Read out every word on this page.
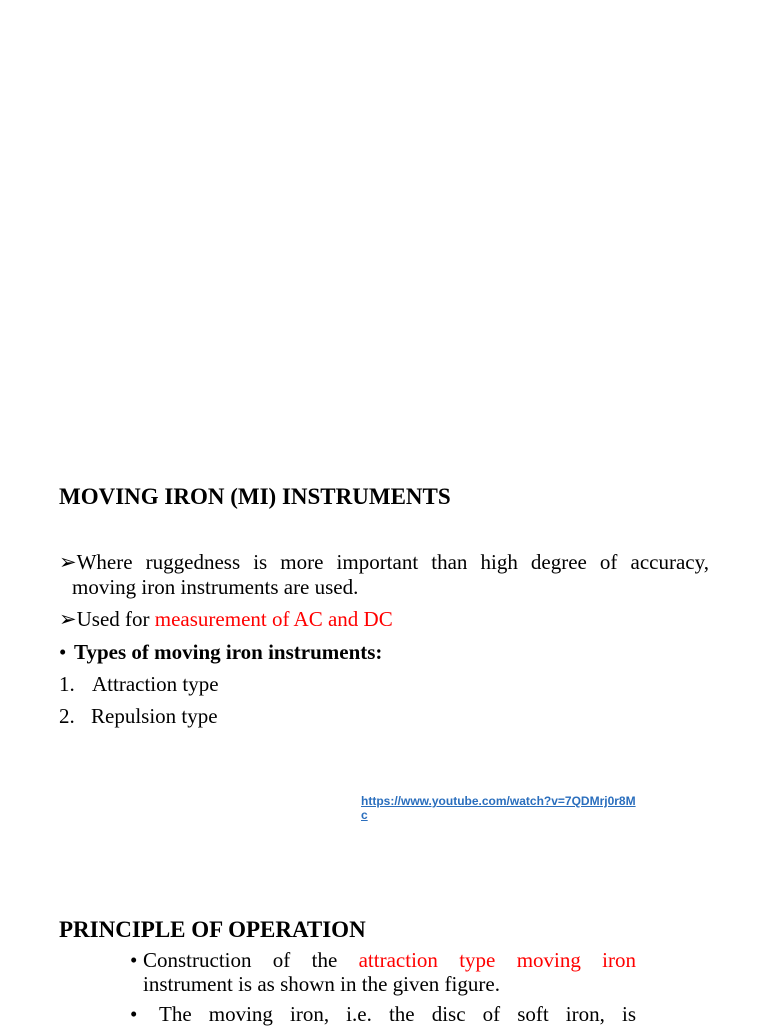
MOVING IRON (MI) INSTRUMENTS
➢Where ruggedness is more important than high degree of accuracy,
moving iron instruments are used.
➢Used for measurement of AC and DC
• Types of moving iron instruments:
1. Attraction type
2. Repulsion type
https://www.youtube.com/watch?v=7QDMrj0r8Mc
PRINCIPLE OF OPERATION
• Construction of the attraction type moving iron
instrument is as shown in the given figure.
• The moving iron, i.e. the disc of soft iron, is
